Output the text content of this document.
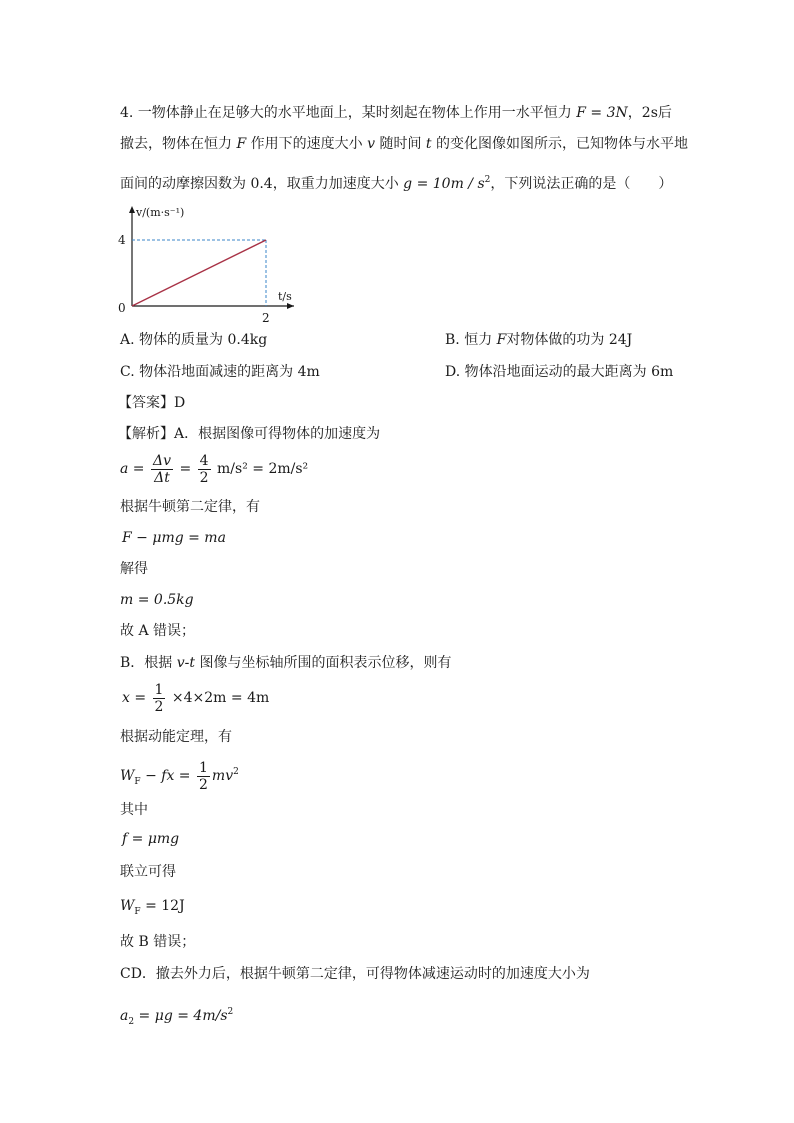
4. 一物体静止在足够大的水平地面上，某时刻起在物体上作用一水平恒力 F = 3N，2s后
撤去，物体在恒力 F 作用下的速度大小 v 随时间 t 的变化图像如图所示，已知物体与水平地
面间的动摩擦因数为 0.4，取重力加速度大小 $g = 10m / s^2$，下列说法正确的是（　　）
v/(m·s⁻¹)
t/s
0
4
2
A. 物体的质量为 0.4kg	B. 恒力 F对物体做的功为 24J
C. 物体沿地面减速的距离为 4m	D. 物体沿地面运动的最大距离为 6m
【答案】D
【解析】A．根据图像可得物体的加速度为
$a = \frac{\Delta v}{\Delta t} = \frac{4}{2} m/s^2 = 2m/s^2$
根据牛顿第二定律，有
F − μmg = ma
解得
m = 0.5kg
故 A 错误；
B．根据 v-t 图像与坐标轴所围的面积表示位移，则有
$x = \frac{1}{2} \times 4\times 2m = 4m$
根据动能定理，有
$W_F$ − fx = $\frac{1}{2} mv^2$
其中
f = μmg
联立可得
$W_F = 12J$
故 B 错误；
CD．撤去外力后，根据牛顿第二定律，可得物体减速运动时的加速度大小为
$a_2 = \mu g = 4m/s^2$
